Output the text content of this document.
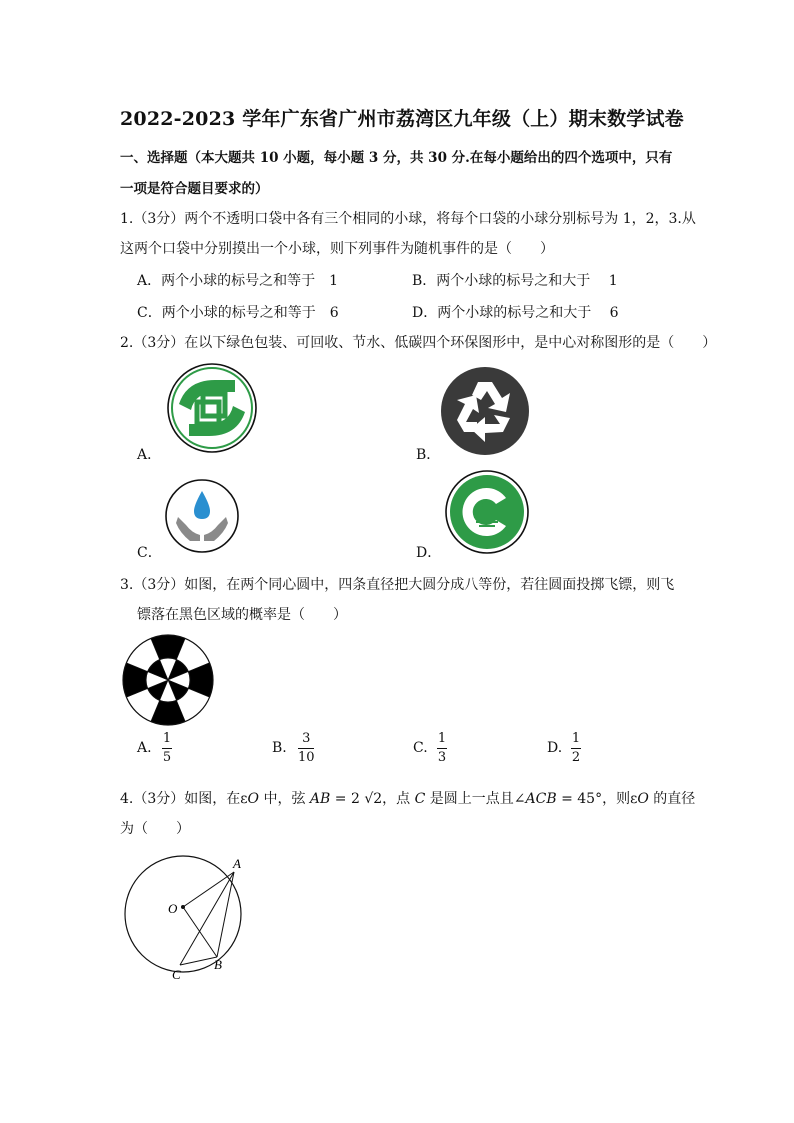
2022-2023 学年广东省广州市荔湾区九年级（上）期末数学试卷
一、选择题（本大题共 10 小题，每小题 3 分，共 30 分.在每小题给出的四个选项中，只有
一项是符合题目要求的）
1.（3分）两个不透明口袋中各有三个相同的小球，将每个口袋的小球分别标号为 1，2，3.从
这两个口袋中分别摸出一个小球，则下列事件为随机事件的是（　　）
A．两个小球的标号之和等于　1	B．两个小球的标号之和大于　 1
C．两个小球的标号之和等于　6	D．两个小球的标号之和大于　 6
2.（3分）在以下绿色包装、可回收、节水、低碳四个环保图形中，是中心对称图形的是（　　）
A．	B．
C．	D．
3.（3分）如图，在两个同心圆中，四条直径把大圆分成八等份，若往圆面投掷飞镖，则飞
镖落在黑色区域的概率是（　　）
A.
1
5
B.
3
10
C.
1
3
D.
1
2
4.（3分）如图，在εO 中，弦 AB = 2 √2，点 C 是圆上一点且∠ACB = 45°，则εO 的直径
为（　　）
A
O
B
C
